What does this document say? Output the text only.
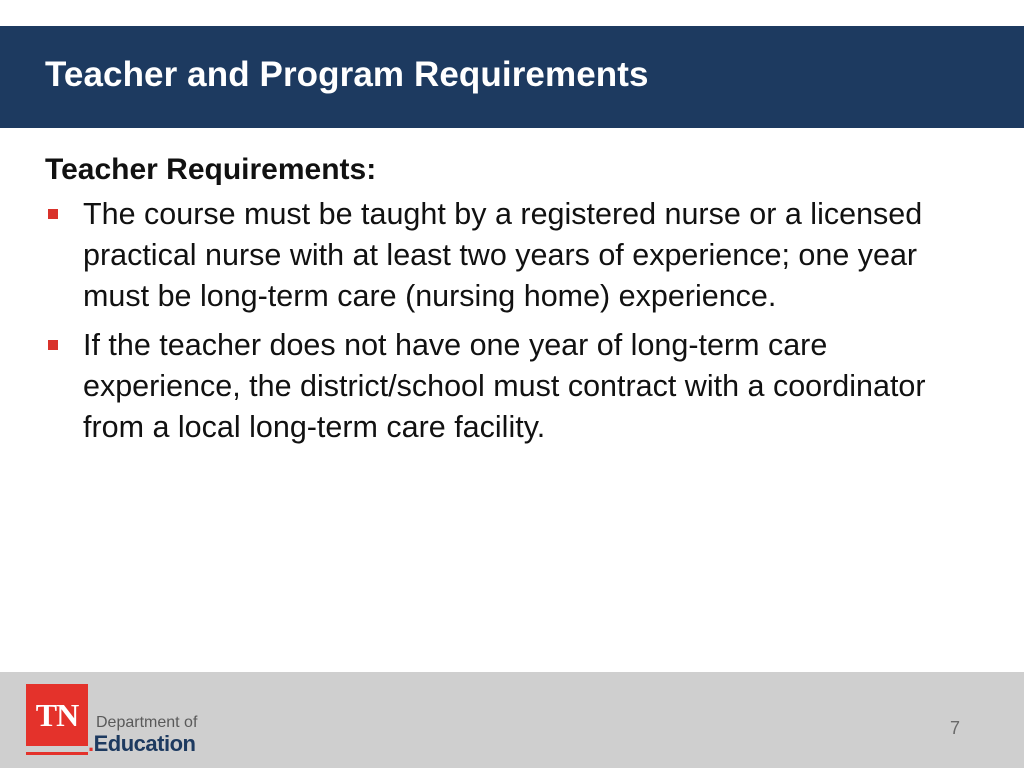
Teacher and Program Requirements

Teacher Requirements:

The course must be taught by a registered nurse or a licensed practical nurse with at least two years of experience; one year must be long-term care (nursing home) experience.
If the teacher does not have one year of long-term care experience, the district/school must contract with a coordinator from a local long-term care facility.
TN	Department of
.Education
7
